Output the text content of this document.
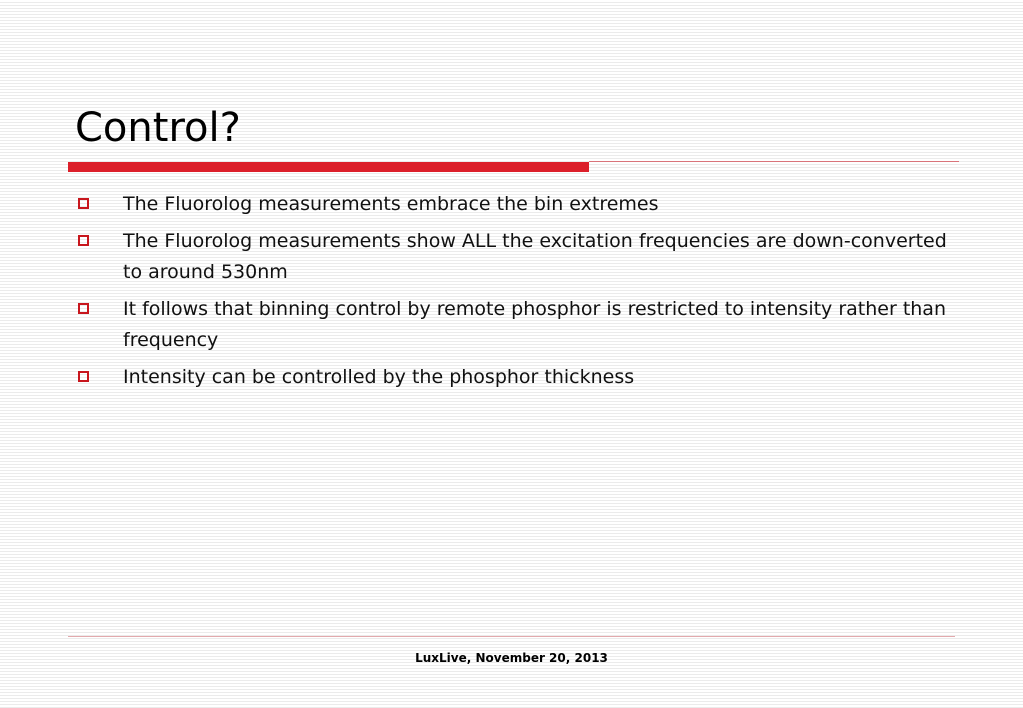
Control?
The Fluorolog measurements embrace the bin extremes
The Fluorolog measurements show ALL the excitation frequencies are down-converted to around 530nm
It follows that binning control by remote phosphor is restricted to intensity rather than frequency
Intensity can be controlled by the phosphor thickness
LuxLive, November 20, 2013
